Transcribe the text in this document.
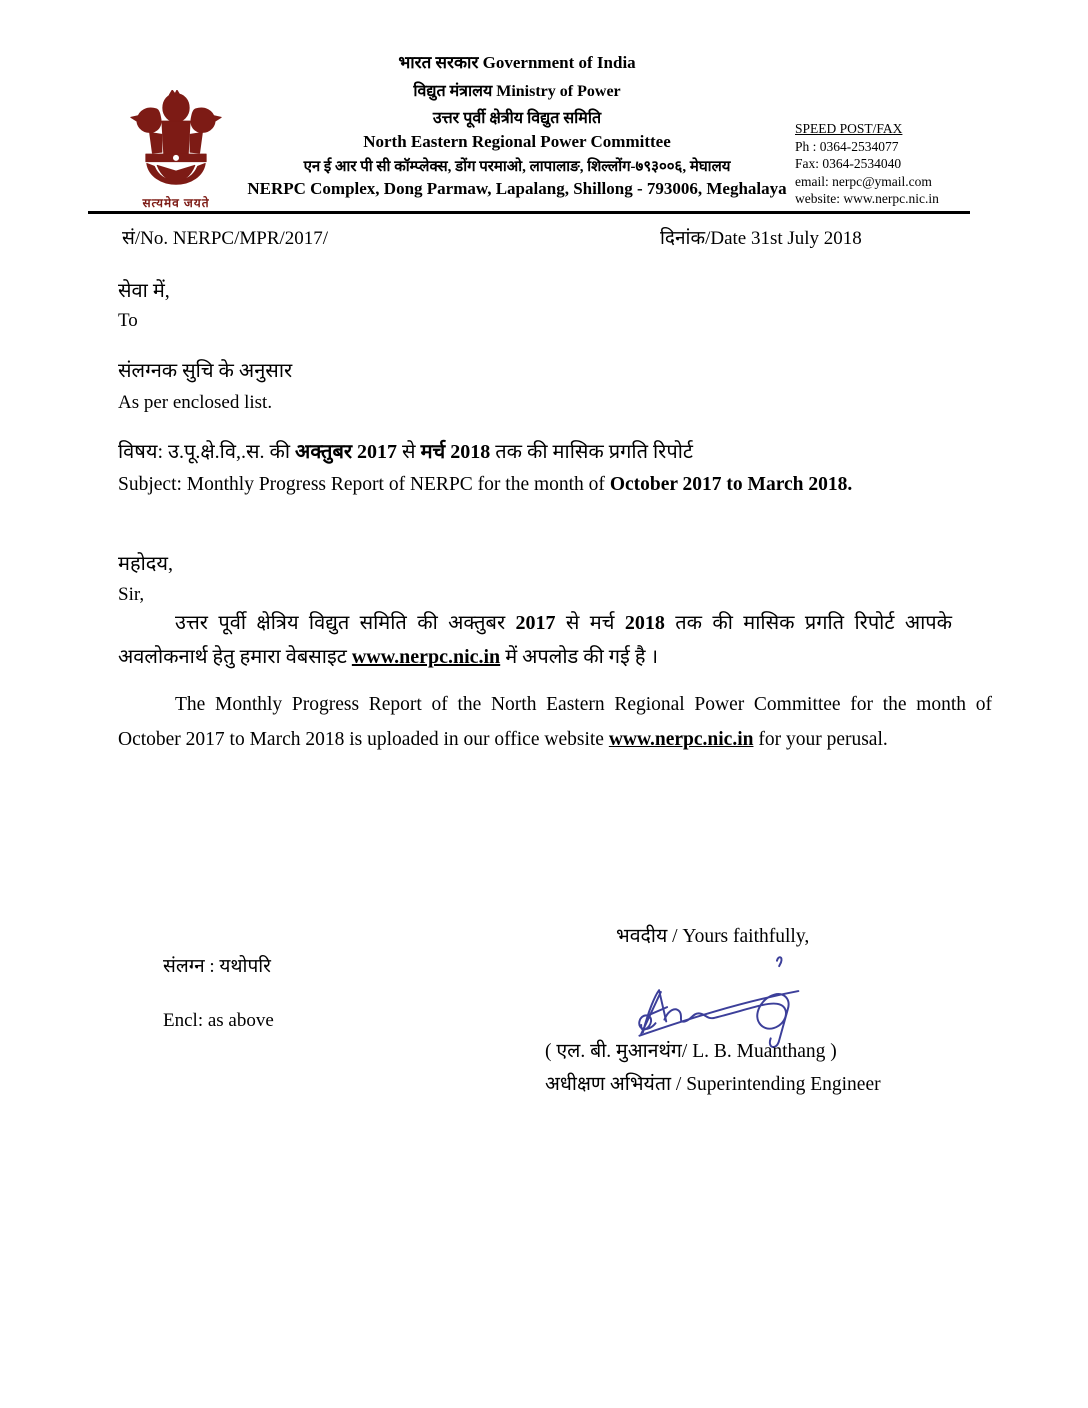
सत्यमेव जयते
भारत सरकार Government of India
विद्युत मंत्रालय Ministry of Power
उत्तर पूर्वी क्षेत्रीय विद्युत समिति
North Eastern Regional Power Committee
एन ई आर पी सी कॉम्प्लेक्स, डोंग परमाओ, लापालाङ, शिल्लोंग-७९३००६, मेघालय
NERPC Complex, Dong Parmaw, Lapalang, Shillong - 793006, Meghalaya
SPEED POST/FAX
Ph : 0364-2534077
Fax: 0364-2534040
email: nerpc@ymail.com
website: www.nerpc.nic.in
सं/No. NERPC/MPR/2017/	दिनांक/Date 31st July 2018
सेवा में,
To
संलग्नक सुचि के अनुसार
As per enclosed list.
विषय: उ.पू.क्षे.वि,.स. की अक्तुबर 2017 से मर्च 2018 तक की मासिक प्रगति रिपोर्ट
Subject: Monthly Progress Report of NERPC for the month of October 2017 to March 2018.
महोदय,
Sir,
उत्तर पूर्वी क्षेत्रिय विद्युत समिति की अक्तुबर 2017 से मर्च 2018 तक की मासिक प्रगति रिपोर्ट आपके अवलोकनार्थ हेतु हमारा वेबसाइट www.nerpc.nic.in में अपलोड की गई है ।
The Monthly Progress Report of the North Eastern Regional Power Committee for the month of October 2017 to March 2018 is uploaded in our office website www.nerpc.nic.in for your perusal.
भवदीय / Yours faithfully,
संलग्न : यथोपरि
Encl: as above
( एल. बी. मुआनथंग/ L. B. Muanthang )
अधीक्षण अभियंता / Superintending Engineer
